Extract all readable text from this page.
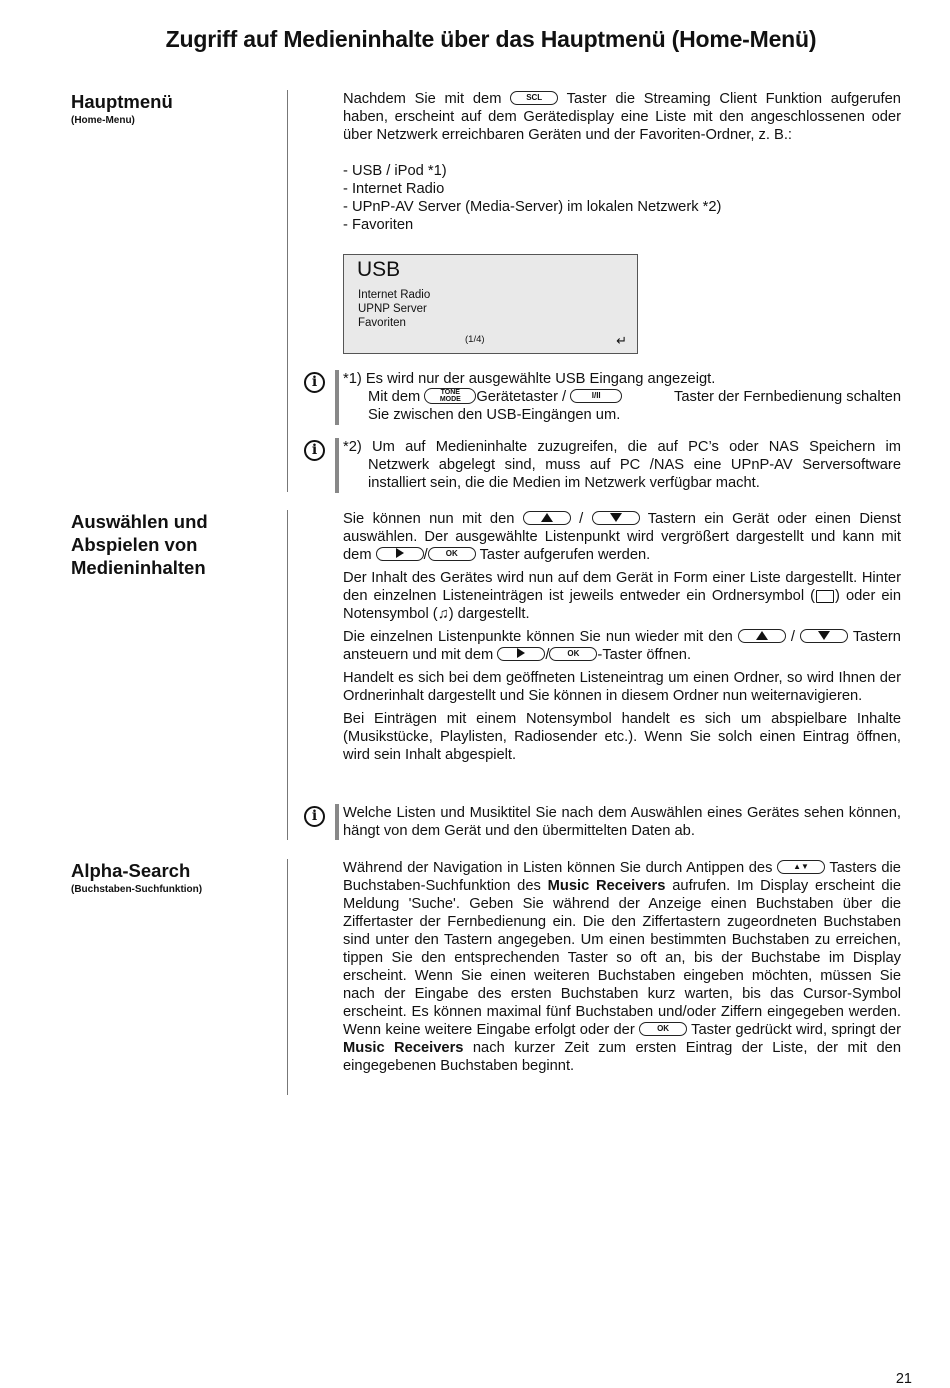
Zugriff auf Medieninhalte über das Hauptmenü (Home-Menü)
Hauptmenü
(Home-Menu)

Nachdem Sie mit dem	SCL Taster die Streaming Client Funktion aufgerufen haben, erscheint auf dem Gerätedisplay eine Liste mit den angeschlossenen oder über Netzwerk erreichbaren Geräten und der Favoriten-Ordner, z. B.:

- USB / iPod *1)
- Internet Radio
- UPnP-AV Server (Media-Server) im lokalen Netzwerk *2)
- Favoriten
USB
Internet Radio
UPNP Server
Favoriten
(1/4)	↵
i	*1) Es wird nur der ausgewählte USB Eingang angezeigt.
Mit dem	TONE
MODE Gerätetaster /	I/II	Taster der Fernbedienung schalten
Sie zwischen den USB-Eingängen um.
i	*2) Um auf Medieninhalte zuzugreifen, die auf PC’s oder NAS Speichern im
Netzwerk abgelegt sind, muss auf PC /NAS eine UPnP-AV Serversoftware installiert sein, die die Medien im Netzwerk verfügbar macht.
Auswählen und Abspielen von Medieninhalten

Sie können nun mit den	/	Tastern ein Gerät oder einen Dienst auswählen. Der ausgewählte Listenpunkt wird vergrößert dargestellt und kann mit dem	/ OK Taster aufgerufen werden.

Der Inhalt des Gerätes wird nun auf dem Gerät in Form einer Liste dargestellt. Hinter den einzelnen Listeneinträgen ist jeweils entweder ein Ordnersymbol ( ) oder ein Notensymbol (♫) dargestellt.

Die einzelnen Listenpunkte können Sie nun wieder mit den	/	Tastern ansteuern und mit dem	/ OK -Taster öffnen.

Handelt es sich bei dem geöffneten Listeneintrag um einen Ordner, so wird Ihnen der Ordnerinhalt dargestellt und Sie können in diesem Ordner nun weiternavigieren.

Bei Einträgen mit einem Notensymbol handelt es sich um abspielbare Inhalte (Musikstücke, Playlisten, Radiosender etc.). Wenn Sie solch einen Eintrag öffnen, wird sein Inhalt abgespielt.

i	Welche Listen und Musiktitel Sie nach dem Auswählen eines Gerätes sehen können, hängt von dem Gerät und den übermittelten Daten ab.
Alpha-Search
(Buchstaben-Suchfunktion)

Während der Navigation in Listen können Sie durch Antippen des	▲▼ Tasters die Buchstaben-Suchfunktion des Music Receivers aufrufen. Im Display erscheint die Meldung 'Suche'. Geben Sie während der Anzeige einen Buchstaben über die Ziffertaster der Fernbedienung ein. Die den Ziffertastern zugeordneten Buchstaben sind unter den Tastern angegeben. Um einen bestimmten Buchstaben zu erreichen, tippen Sie den entsprechenden Taster so oft an, bis der Buchstabe im Display erscheint. Wenn Sie einen weiteren Buchstaben eingeben möchten, müssen Sie nach der Eingabe des ersten Buchstaben kurz warten, bis das Cursor-Symbol erscheint. Es können maximal fünf Buchstaben und/oder Ziffern eingegeben werden. Wenn keine weitere Eingabe erfolgt oder der	OK Taster gedrückt wird, springt der Music Receivers nach kurzer Zeit zum ersten Eintrag der Liste, der mit den eingegebenen Buchstaben beginnt.

21
